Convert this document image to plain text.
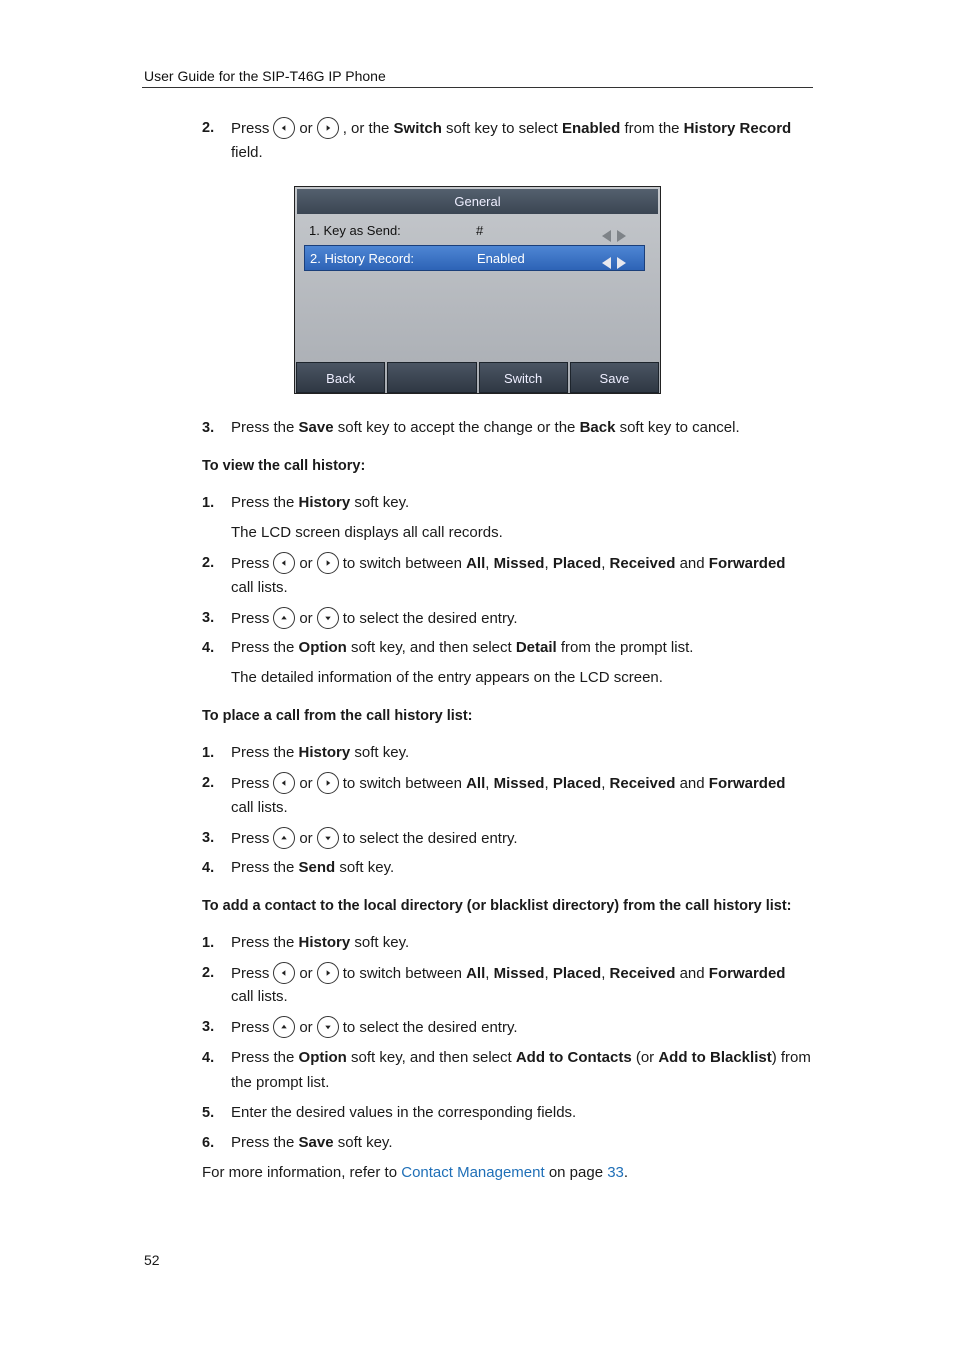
User Guide for the SIP-T46G IP Phone
2. Press or , or the Switch soft key to select Enabled from the History Record
field.
General
1. Key as Send:	#
2. History Record:	Enabled
Back	Switch	Save
3. Press the Save soft key to accept the change or the Back soft key to cancel.
To view the call history:
1. Press the History soft key.
The LCD screen displays all call records.
2. Press or to switch between All, Missed, Placed, Received and Forwarded
call lists.
3. Press or to select the desired entry.
4. Press the Option soft key, and then select Detail from the prompt list.
The detailed information of the entry appears on the LCD screen.
To place a call from the call history list:
1. Press the History soft key.
2. Press or to switch between All, Missed, Placed, Received and Forwarded
call lists.
3. Press or to select the desired entry.
4. Press the Send soft key.
To add a contact to the local directory (or blacklist directory) from the call history list:
1. Press the History soft key.
2. Press or to switch between All, Missed, Placed, Received and Forwarded
call lists.
3. Press or to select the desired entry.
4. Press the Option soft key, and then select Add to Contacts (or Add to Blacklist) from
the prompt list.
5. Enter the desired values in the corresponding fields.
6. Press the Save soft key.
For more information, refer to Contact Management on page 33.
52
